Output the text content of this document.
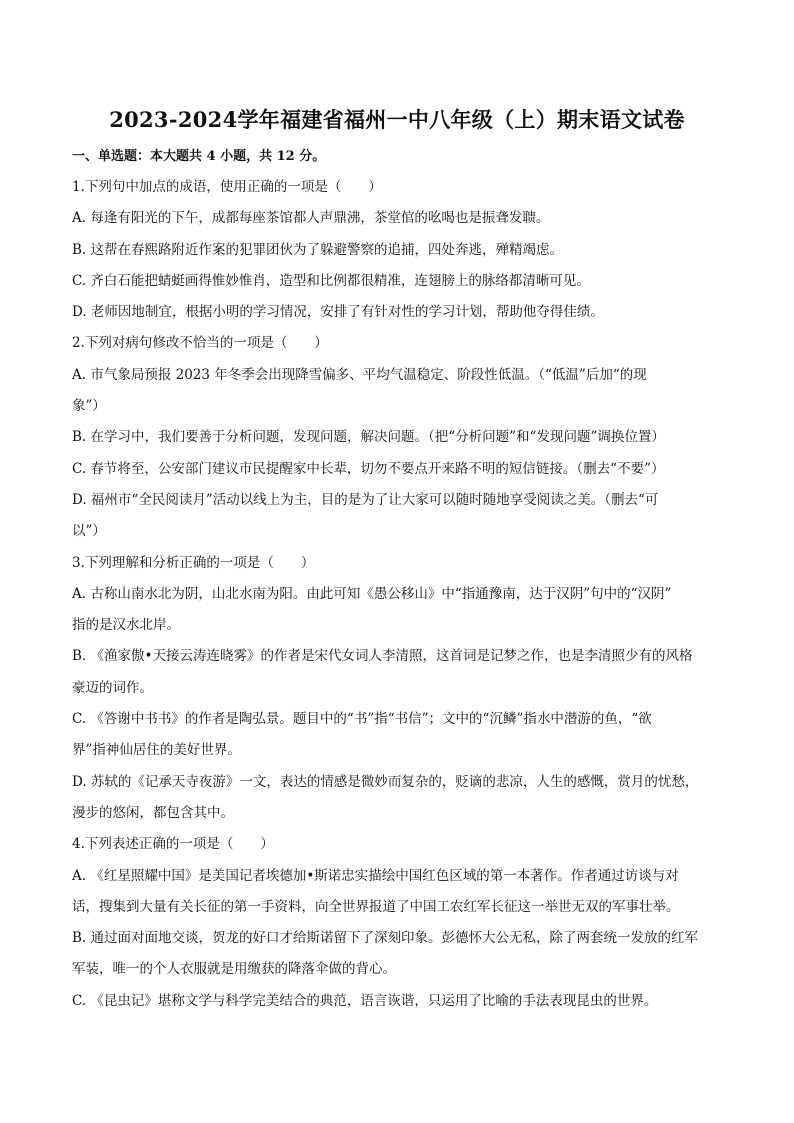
2023-2024学年福建省福州一中八年级（上）期末语文试卷
一、单选题：本大题共 4 小题，共 12 分。
1.下列句中加点的成语，使用正确的一项是（　　）
A. 每逢有阳光的下午，成都每座茶馆都人声鼎沸，茶堂倌的吆喝也是振聋发聩。
B. 这帮在春熙路附近作案的犯罪团伙为了躲避警察的追捕，四处奔逃，殚精竭虑。
C. 齐白石能把蜻蜓画得惟妙惟肖，造型和比例都很精准，连翅膀上的脉络都清晰可见。
D. 老师因地制宜，根据小明的学习情况，安排了有针对性的学习计划，帮助他夺得佳绩。
2.下列对病句修改不恰当的一项是（　　）
A. 市气象局预报 2023 年冬季会出现降雪偏多、平均气温稳定、阶段性低温。（“低温”后加“的现
象”）
B. 在学习中，我们要善于分析问题，发现问题，解决问题。（把“分析问题”和“发现问题”调换位置）
C. 春节将至，公安部门建议市民提醒家中长辈，切勿不要点开来路不明的短信链接。（删去“不要”）
D. 福州市“全民阅读月”活动以线上为主，目的是为了让大家可以随时随地享受阅读之美。（删去“可
以”）
3.下列理解和分析正确的一项是（　　）
A. 古称山南水北为阴，山北水南为阳。由此可知《愚公移山》中“指通豫南，达于汉阴”句中的“汉阴”
指的是汉水北岸。
B. 《渔家傲•天接云涛连晓雾》的作者是宋代女词人李清照，这首词是记梦之作，也是李清照少有的风格
豪迈的词作。
C. 《答谢中书书》的作者是陶弘景。题目中的“书”指“书信”；文中的“沉鳞”指水中潜游的鱼，“欲
界”指神仙居住的美好世界。
D. 苏轼的《记承天寺夜游》一文，表达的情感是微妙而复杂的，贬谪的悲凉，人生的感慨，赏月的忧愁，
漫步的悠闲，都包含其中。
4.下列表述正确的一项是（　　）
A. 《红星照耀中国》是美国记者埃德加•斯诺忠实描绘中国红色区域的第一本著作。作者通过访谈与对
话，搜集到大量有关长征的第一手资料，向全世界报道了中国工农红军长征这一举世无双的军事壮举。
B. 通过面对面地交谈，贺龙的好口才给斯诺留下了深刻印象。彭德怀大公无私，除了两套统一发放的红军
军装，唯一的个人衣服就是用缴获的降落伞做的背心。
C. 《昆虫记》堪称文学与科学完美结合的典范，语言诙谐，只运用了比喻的手法表现昆虫的世界。
